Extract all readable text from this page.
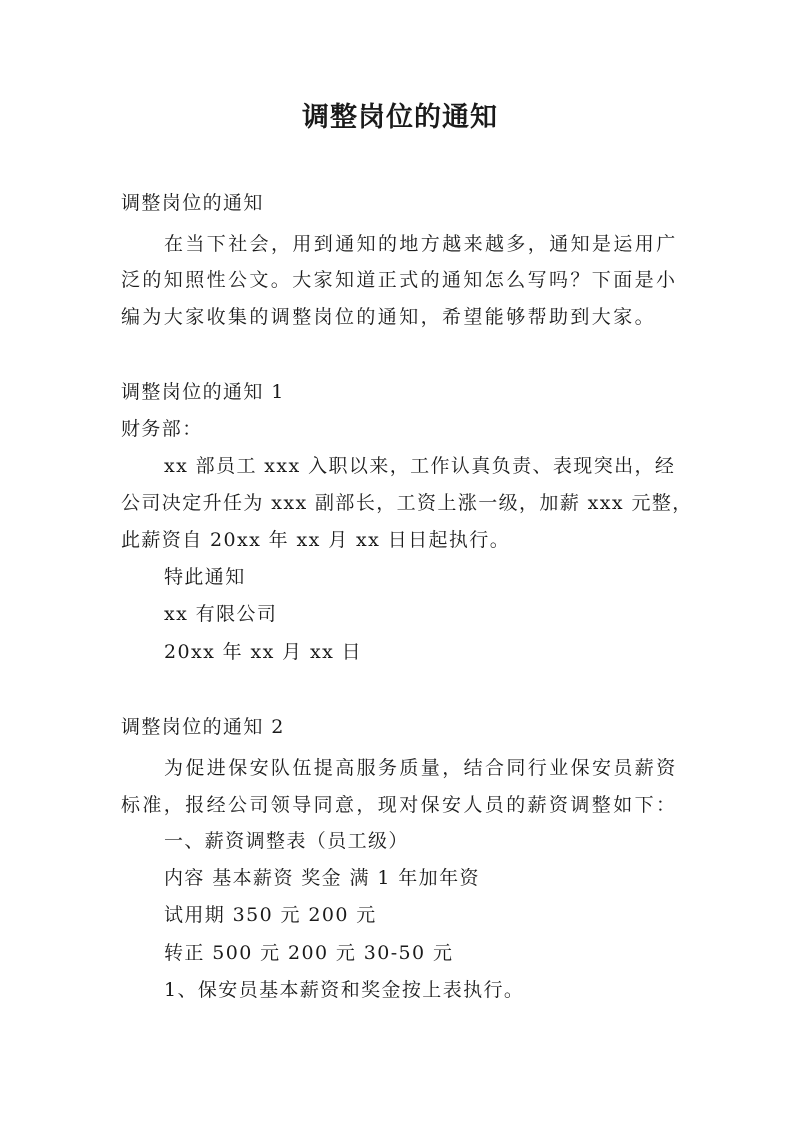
调整岗位的通知
调整岗位的通知
在当下社会，用到通知的地方越来越多，通知是运用广
泛的知照性公文。大家知道正式的通知怎么写吗？下面是小
编为大家收集的调整岗位的通知，希望能够帮助到大家。
调整岗位的通知 1
财务部：
xx 部员工 xxx 入职以来，工作认真负责、表现突出，经
公司决定升任为 xxx 副部长，工资上涨一级，加薪 xxx 元整，
此薪资自 20xx 年 xx 月 xx 日日起执行。
特此通知
xx 有限公司
20xx 年 xx 月 xx 日
调整岗位的通知 2
为促进保安队伍提高服务质量，结合同行业保安员薪资
标准，报经公司领导同意，现对保安人员的薪资调整如下：
一、薪资调整表（员工级）
内容 基本薪资 奖金 满 1 年加年资
试用期 350 元 200 元
转正 500 元 200 元 30-50 元
1、保安员基本薪资和奖金按上表执行。
